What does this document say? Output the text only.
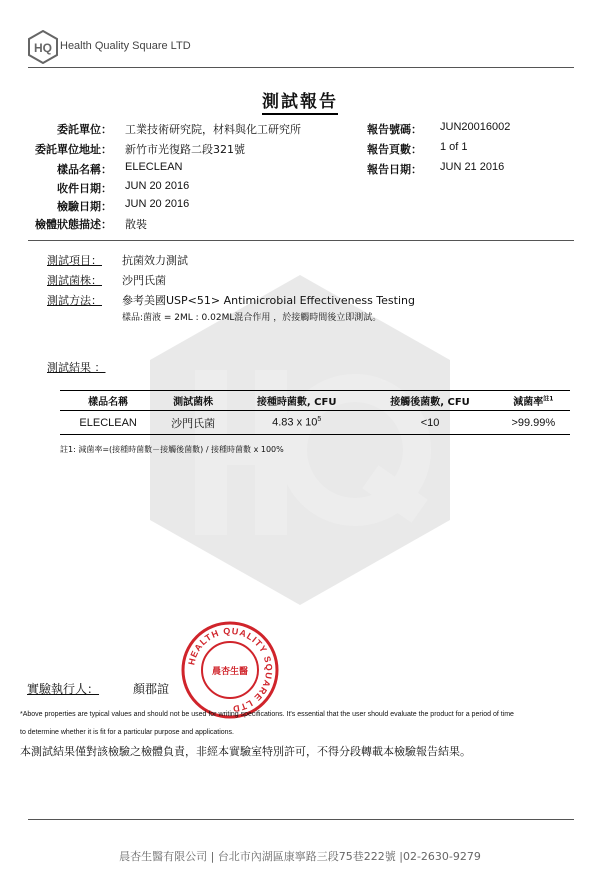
HQ Health Quality Square LTD
測試報告
委託單位： 工業技術研究院，材料與化工研究所
委託單位地址： 新竹市光復路二段321號
樣品名稱： ELECLEAN
收件日期： JUN 20 2016
檢驗日期： JUN 20 2016
檢體狀態描述： 散裝
報告號碼： JUN20016002
報告頁數： 1 of 1
報告日期： JUN 21 2016
測試項目： 抗菌效力測試
測試菌株： 沙門氏菌
測試方法： 參考美國USP<51> Antimicrobial Effectiveness Testing
樣品:菌液 = 2ML : 0.02ML混合作用 ，於接觸時間後立即測試。
測試結果 ：
樣品名稱	測試菌株	接種時菌數, CFU	接觸後菌數, CFU	減菌率$^{註1}$
ELECLEAN	沙門氏菌	4.83 x $10^5$	<10	>99.99%
註1: 減菌率=(接種時菌數－接觸後菌數) / 接種時菌數 x 100%
HEALTH QUALITY SQUARE LTD
晨杏生醫
實驗執行人：	顏郡誼
*Above properties are typical values and should not be used for writing specifications. It's essential that the user should evaluate the product for a period of time
to determine whether it is fit for a particular purpose and applications.
本測試結果僅對該檢驗之檢體負責，非經本實驗室特別許可，不得分段轉載本檢驗報告結果。
晨杏生醫有限公司 | 台北市內湖區康寧路三段75巷222號 |02-2630-9279
